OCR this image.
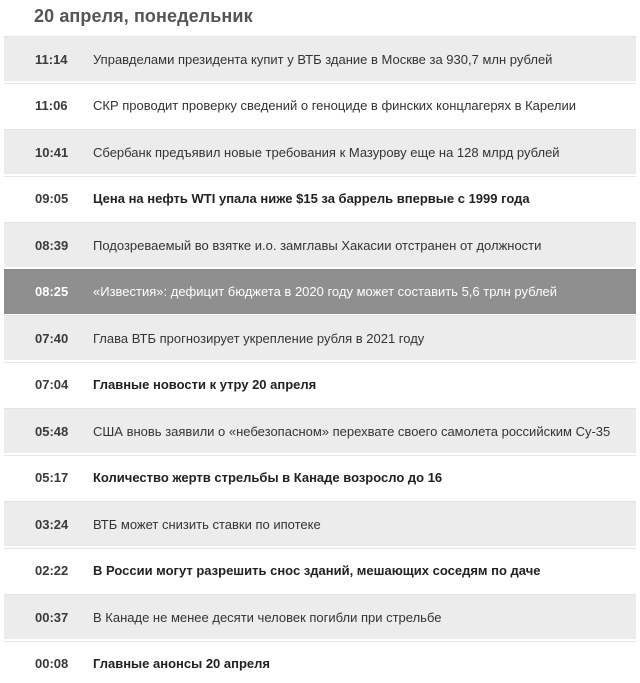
20 апреля, понедельник
11:14	Управделами президента купит у ВТБ здание в Москве за 930,7 млн рублей
11:06	СКР проводит проверку сведений о геноциде в финских концлагерях в Карелии
10:41	Сбербанк предъявил новые требования к Мазурову еще на 128 млрд рублей
09:05	Цена на нефть WTI упала ниже $15 за баррель впервые с 1999 года
08:39	Подозреваемый во взятке и.о. замглавы Хакасии отстранен от должности
08:25	«Известия»: дефицит бюджета в 2020 году может составить 5,6 трлн рублей
07:40	Глава ВТБ прогнозирует укрепление рубля в 2021 году
07:04	Главные новости к утру 20 апреля
05:48	США вновь заявили о «небезопасном» перехвате своего самолета российским Су-35
05:17	Количество жертв стрельбы в Канаде возросло до 16
03:24	ВТБ может снизить ставки по ипотеке
02:22	В России могут разрешить снос зданий, мешающих соседям по даче
00:37	В Канаде не менее десяти человек погибли при стрельбе
00:08	Главные анонсы 20 апреля
